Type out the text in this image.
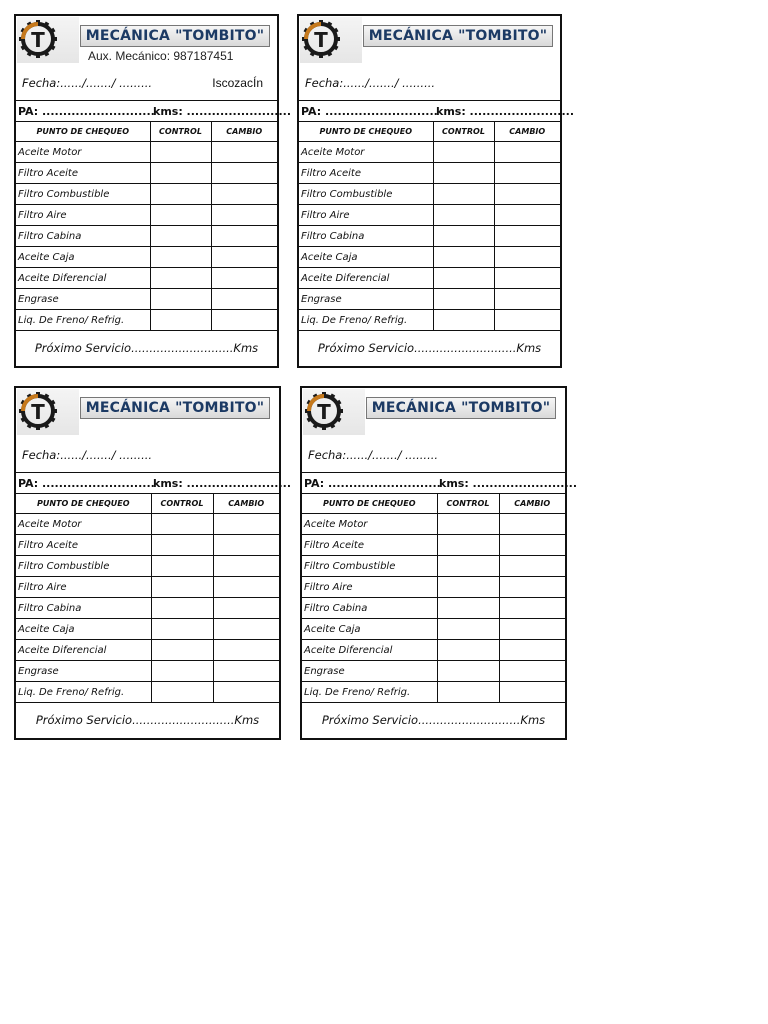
T	MECÁNICA "TOMBITO"
Aux. Mecánico: 987187451
Fecha:....../......./ .........	IscozacÍn
PA: ...........................
kms: .........................
PUNTO DE CHEQUEO	CONTROL	CAMBIO
Aceite Motor		
Filtro Aceite		
Filtro Combustible		
Filtro Aire		
Filtro Cabina		
Aceite Caja		
Aceite Diferencial		
Engrase		
Liq. De Freno/ Refrig.		
Próximo Servicio............................Kms
T	MECÁNICA "TOMBITO"
Fecha:....../......./ .........
PA: ...........................
kms: .........................
PUNTO DE CHEQUEO	CONTROL	CAMBIO
Aceite Motor		
Filtro Aceite		
Filtro Combustible		
Filtro Aire		
Filtro Cabina		
Aceite Caja		
Aceite Diferencial		
Engrase		
Liq. De Freno/ Refrig.		
Próximo Servicio............................Kms
T	MECÁNICA "TOMBITO"
Fecha:....../......./ .........
PA: ...........................
kms: .........................
PUNTO DE CHEQUEO	CONTROL	CAMBIO
Aceite Motor		
Filtro Aceite		
Filtro Combustible		
Filtro Aire		
Filtro Cabina		
Aceite Caja		
Aceite Diferencial		
Engrase		
Liq. De Freno/ Refrig.		
Próximo Servicio............................Kms
T	MECÁNICA "TOMBITO"
Fecha:....../......./ .........
PA: ...........................
kms: .........................
PUNTO DE CHEQUEO	CONTROL	CAMBIO
Aceite Motor		
Filtro Aceite		
Filtro Combustible		
Filtro Aire		
Filtro Cabina		
Aceite Caja		
Aceite Diferencial		
Engrase		
Liq. De Freno/ Refrig.		
Próximo Servicio............................Kms
